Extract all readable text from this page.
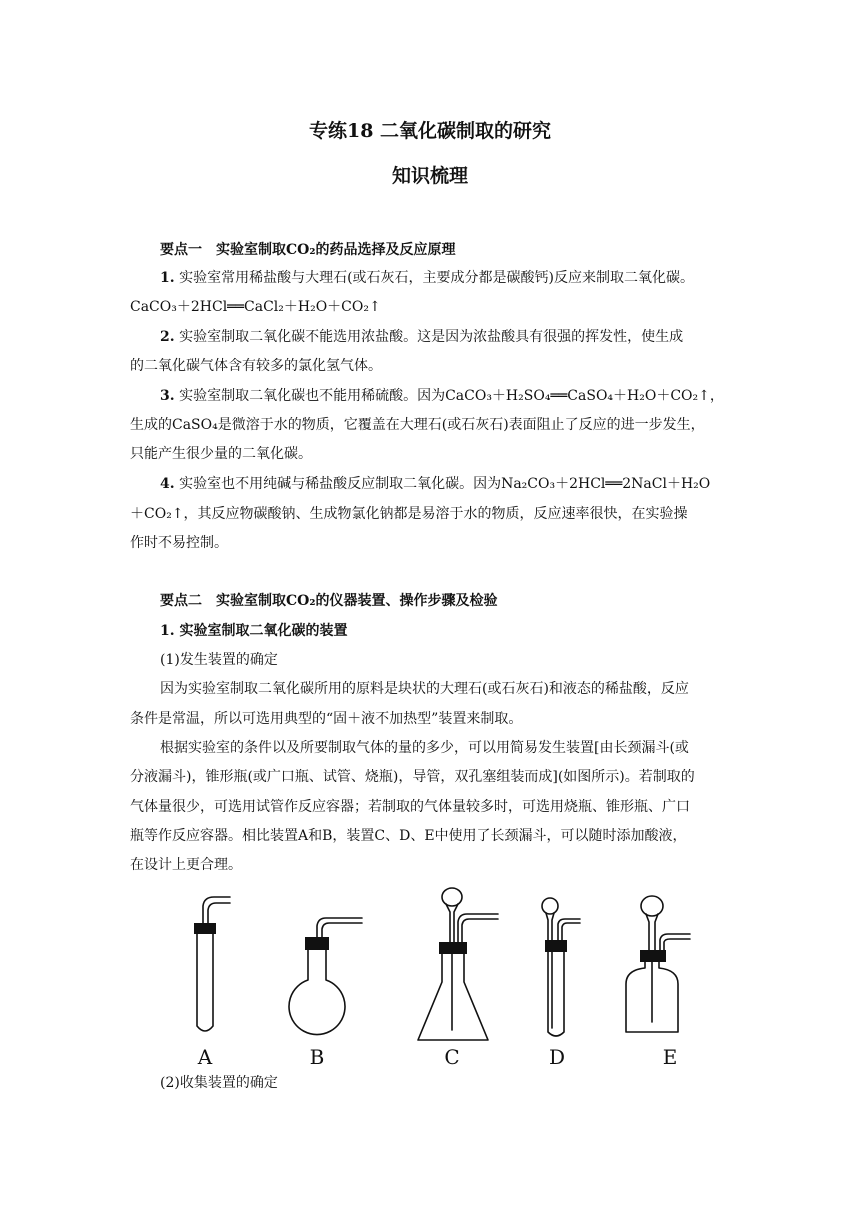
专练18 二氧化碳制取的研究
知识梳理
要点一　实验室制取CO₂的药品选择及反应原理
1. 实验室常用稀盐酸与大理石(或石灰石，主要成分都是碳酸钙)反应来制取二氧化碳。
CaCO₃＋2HCl══CaCl₂＋H₂O＋CO₂↑
2. 实验室制取二氧化碳不能选用浓盐酸。这是因为浓盐酸具有很强的挥发性，使生成
的二氧化碳气体含有较多的氯化氢气体。
3. 实验室制取二氧化碳也不能用稀硫酸。因为CaCO₃＋H₂SO₄══CaSO₄＋H₂O＋CO₂↑，
生成的CaSO₄是微溶于水的物质，它覆盖在大理石(或石灰石)表面阻止了反应的进一步发生，
只能产生很少量的二氧化碳。
4. 实验室也不用纯碱与稀盐酸反应制取二氧化碳。因为Na₂CO₃＋2HCl══2NaCl＋H₂O
＋CO₂↑，其反应物碳酸钠、生成物氯化钠都是易溶于水的物质，反应速率很快，在实验操
作时不易控制。
要点二　实验室制取CO₂的仪器装置、操作步骤及检验
1. 实验室制取二氧化碳的装置
(1)发生装置的确定
因为实验室制取二氧化碳所用的原料是块状的大理石(或石灰石)和液态的稀盐酸，反应
条件是常温，所以可选用典型的“固＋液不加热型”装置来制取。
根据实验室的条件以及所要制取气体的量的多少，可以用简易发生装置[由长颈漏斗(或
分液漏斗)，锥形瓶(或广口瓶、试管、烧瓶)，导管，双孔塞组装而成](如图所示)。若制取的
气体量很少，可选用试管作反应容器；若制取的气体量较多时，可选用烧瓶、锥形瓶、广口
瓶等作反应容器。相比装置A和B，装置C、D、E中使用了长颈漏斗，可以随时添加酸液，
在设计上更合理。
A	B	C	D	E
(2)收集装置的确定
